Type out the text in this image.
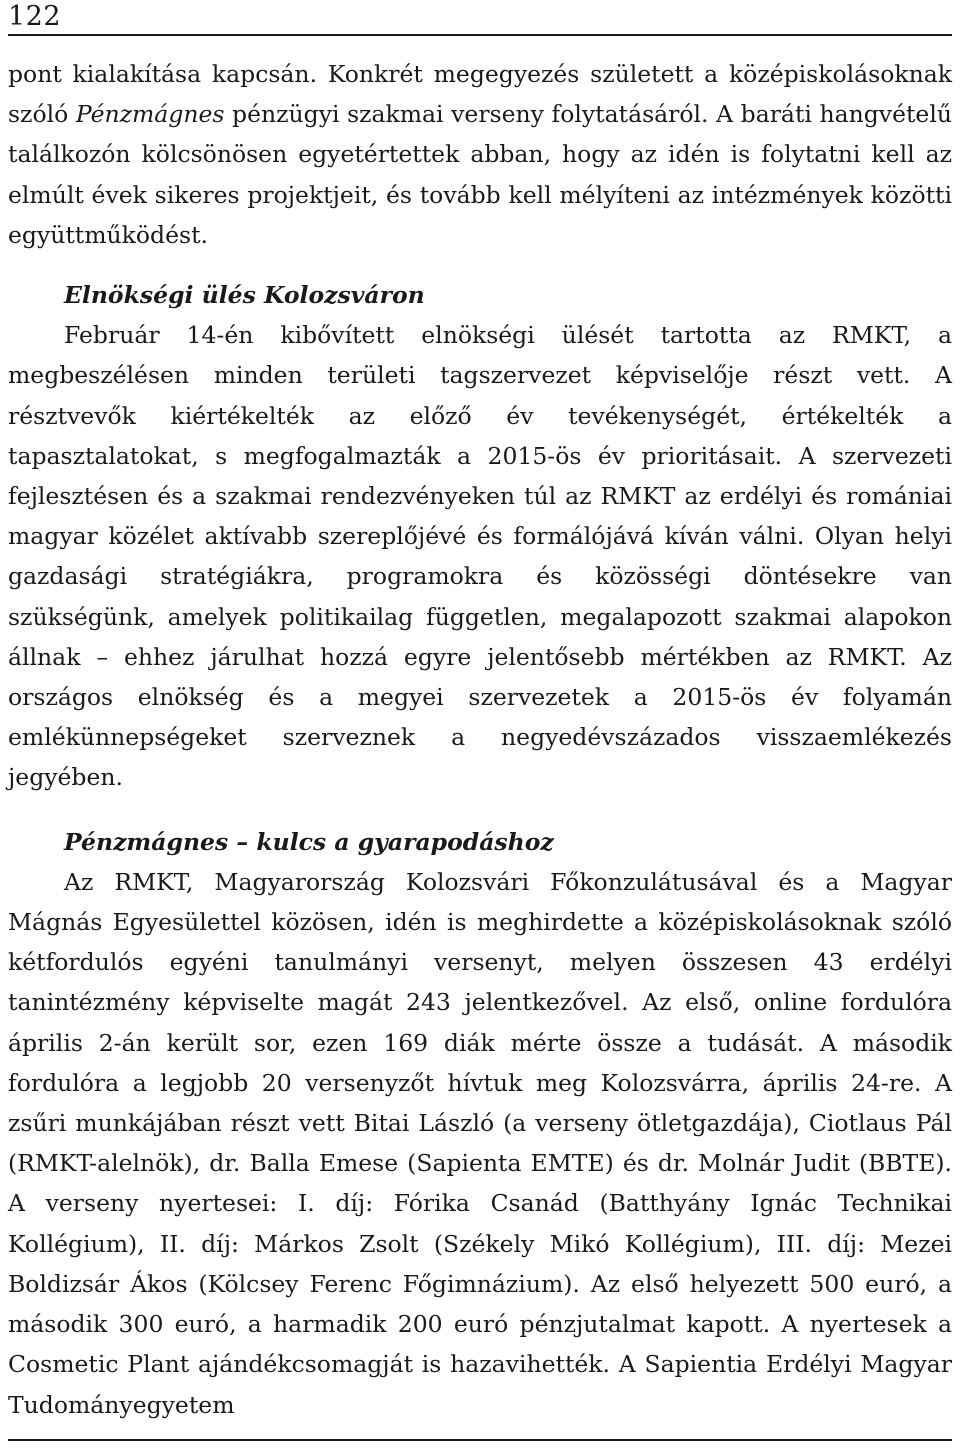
122

pont kialakítása kapcsán. Konkrét megegyezés született a középiskolásoknak szóló Pénzmágnes pénzügyi szakmai verseny folytatásáról. A baráti hangvételű találkozón kölcsönösen egyetértettek abban, hogy az idén is folytatni kell az elmúlt évek sikeres projektjeit, és tovább kell mélyíteni az intézmények közötti együttműködést.

Elnökségi ülés Kolozsváron

Február 14-én kibővített elnökségi ülését tartotta az RMKT, a megbeszélésen minden területi tagszervezet képviselője részt vett. A résztvevők kiértékelték az előző év tevékenységét, értékelték a tapasztalatokat, s megfogalmazták a 2015-ös év prioritásait. A szervezeti fejlesztésen és a szakmai rendezvényeken túl az RMKT az erdélyi és romániai magyar közélet aktívabb szereplőjévé és formálójává kíván válni. Olyan helyi gazdasági stratégiákra, programokra és közösségi döntésekre van szükségünk, amelyek politikailag független, megalapozott szakmai alapokon állnak – ehhez járulhat hozzá egyre jelentősebb mértékben az RMKT. Az országos elnökség és a megyei szervezetek a 2015-ös év folyamán emlékünnepségeket szerveznek a negyedévszázados visszaemlékezés jegyében.

Pénzmágnes – kulcs a gyarapodáshoz

Az RMKT, Magyarország Kolozsvári Főkonzulátusával és a Magyar Mágnás Egyesülettel közösen, idén is meghirdette a középiskolásoknak szóló kétfordulós egyéni tanulmányi versenyt, melyen összesen 43 erdélyi tanintézmény képviselte magát 243 jelentkezővel. Az első, online fordulóra április 2-án került sor, ezen 169 diák mérte össze a tudását. A második fordulóra a legjobb 20 versenyzőt hívtuk meg Kolozsvárra, április 24-re. A zsűri munkájában részt vett Bitai László (a verseny ötletgazdája), Ciotlaus Pál (RMKT-alelnök), dr. Balla Emese (Sapienta EMTE) és dr. Molnár Judit (BBTE). A verseny nyertesei: I. díj: Fórika Csanád (Batthyány Ignác Technikai Kollégium), II. díj: Márkos Zsolt (Székely Mikó Kollégium), III. díj: Mezei Boldizsár Ákos (Kölcsey Ferenc Főgimnázium). Az első helyezett 500 euró, a második 300 euró, a harmadik 200 euró pénzjutalmat kapott. A nyertesek a Cosmetic Plant ajándékcsomagját is hazavihették. A Sapientia Erdélyi Magyar Tudományegyetem
